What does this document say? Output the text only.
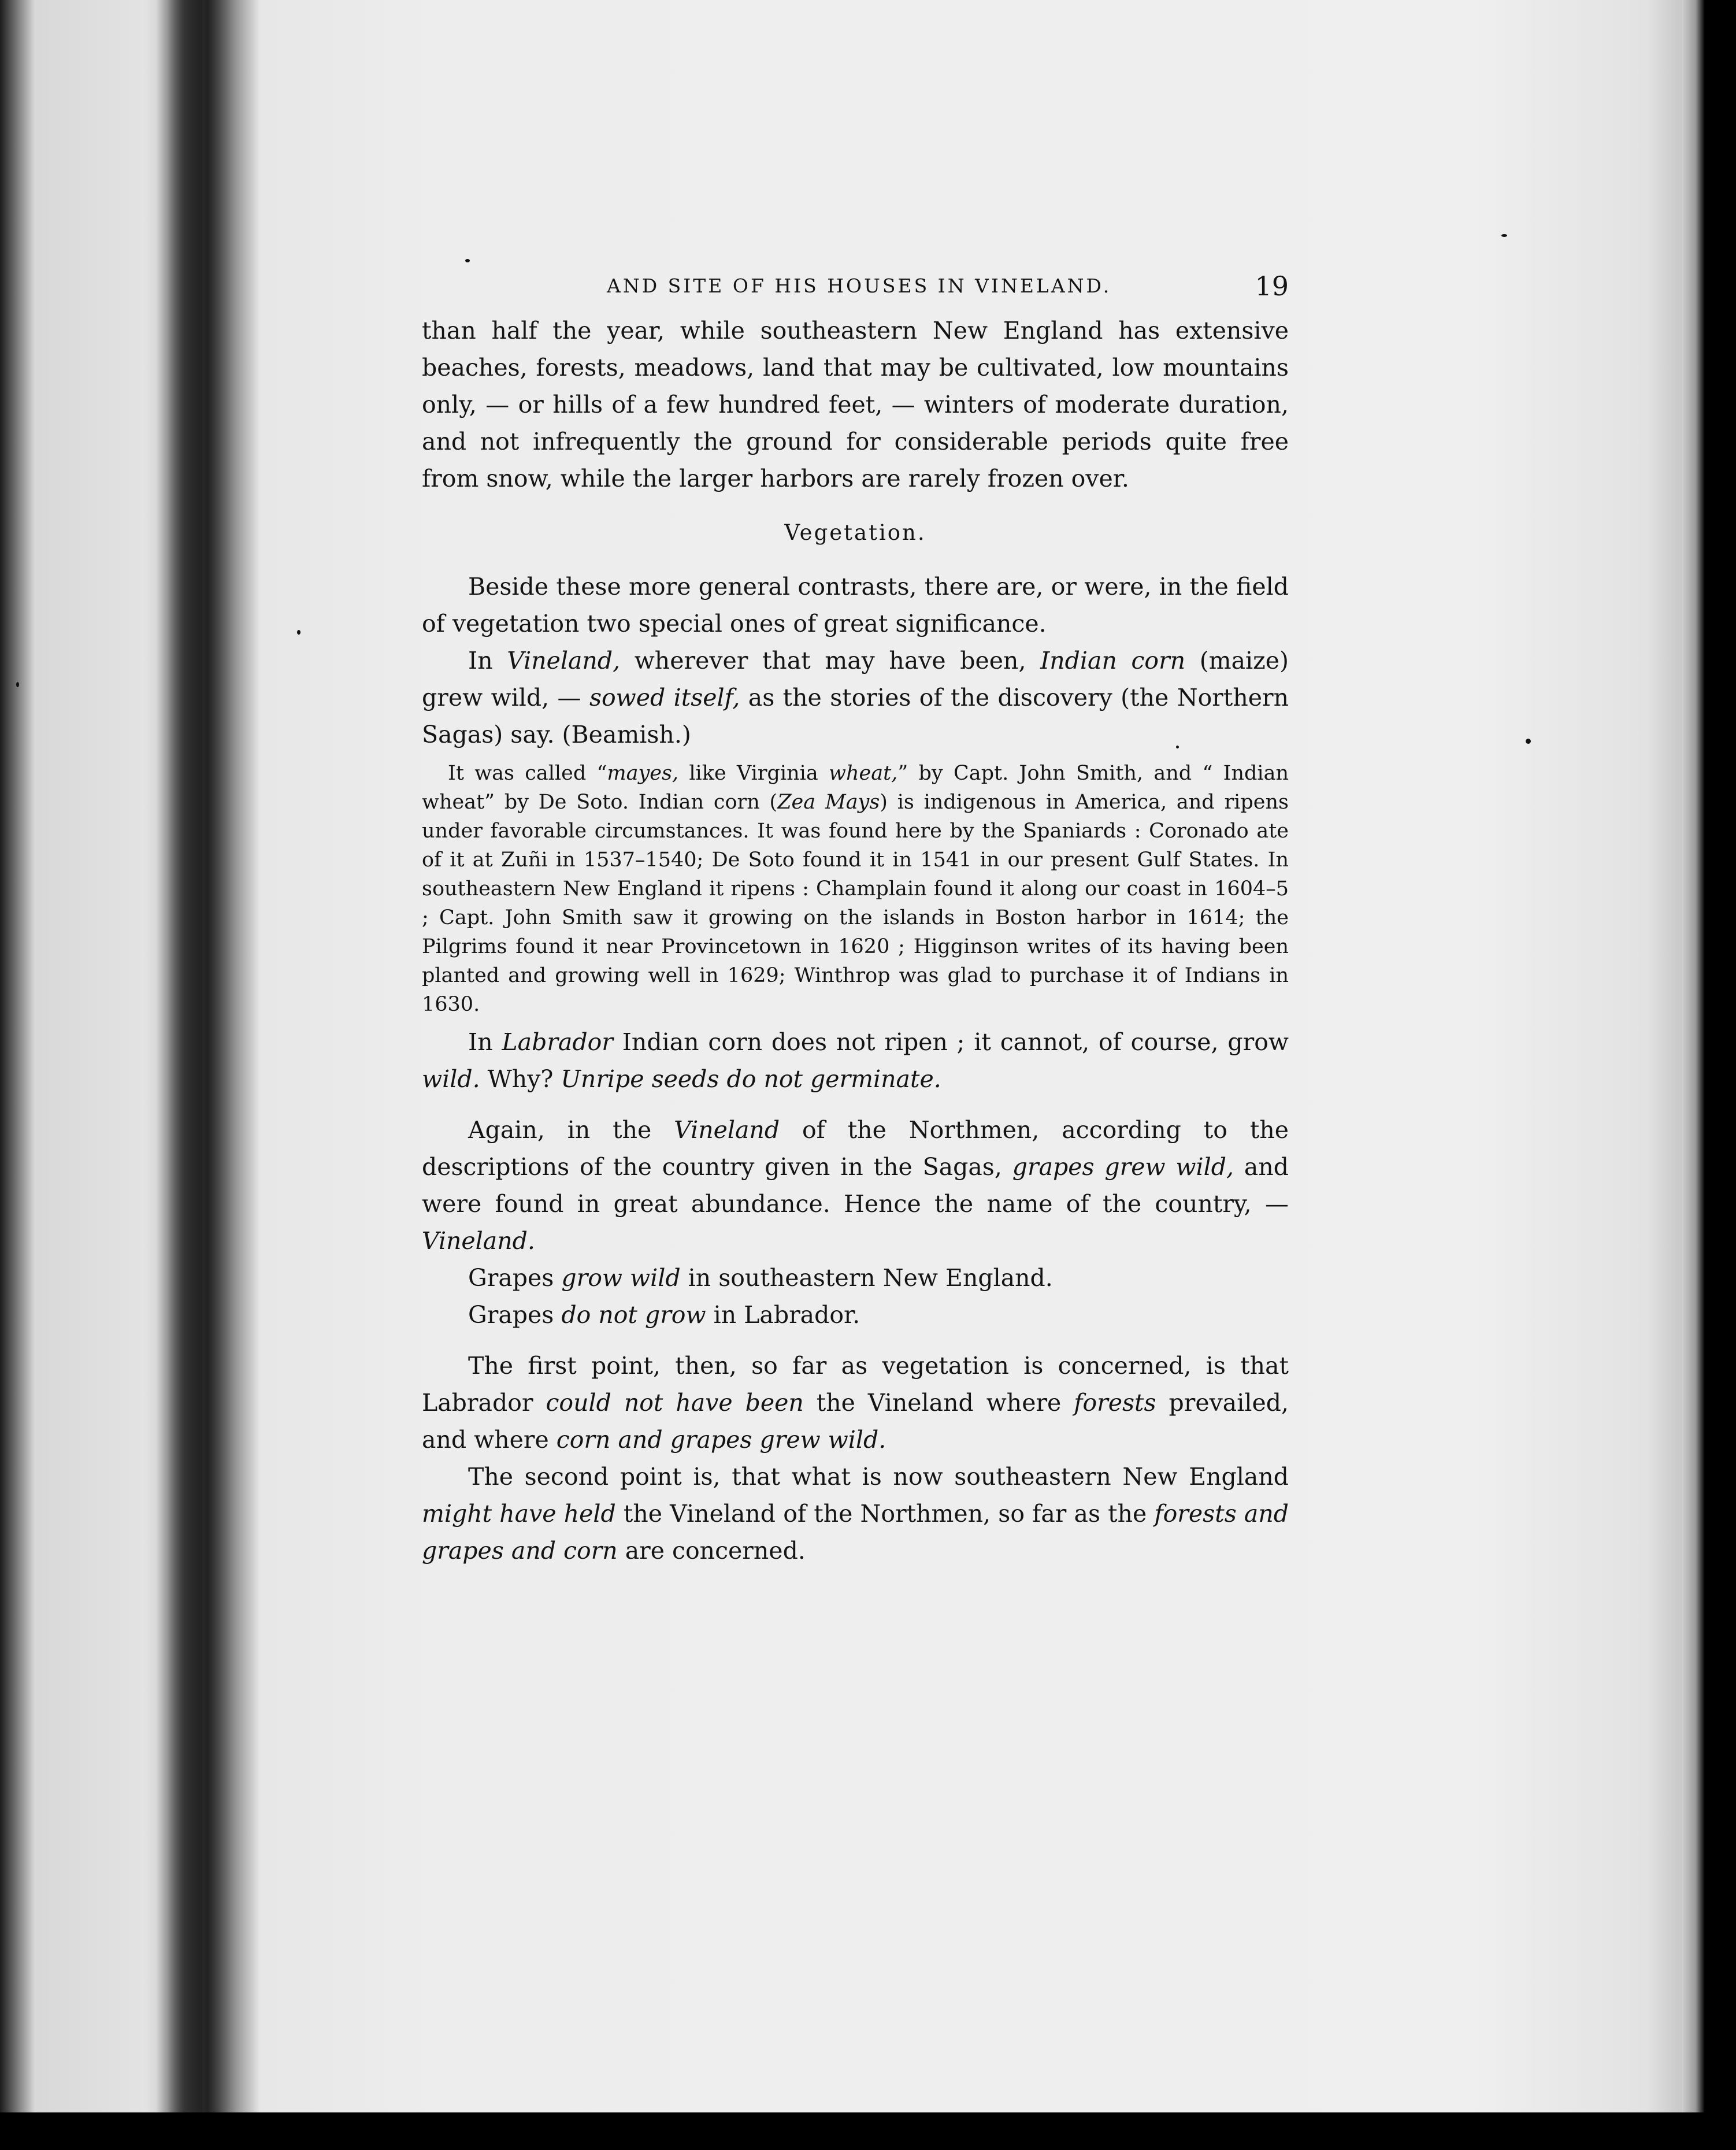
AND SITE OF HIS HOUSES IN VINELAND.	19

than half the year, while southeastern New England has extensive beaches, forests, meadows, land that may be cultivated, low mountains only, — or hills of a few hundred feet, — winters of moderate duration, and not infrequently the ground for considerable periods quite free from snow, while the larger harbors are rarely frozen over.

Vegetation.

Beside these more general contrasts, there are, or were, in the field of vegetation two special ones of great significance.

In Vineland, wherever that may have been, Indian corn (maize) grew wild, — sowed itself, as the stories of the discovery (the Northern Sagas) say. (Beamish.)

It was called “mayes, like Virginia wheat,” by Capt. John Smith, and “ Indian wheat” by De Soto. Indian corn (Zea Mays) is indigenous in America, and ripens under favorable circumstances. It was found here by the Spaniards : Coronado ate of it at Zuñi in 1537–1540; De Soto found it in 1541 in our present Gulf States. In southeastern New England it ripens : Champlain found it along our coast in 1604–5 ; Capt. John Smith saw it growing on the islands in Boston harbor in 1614; the Pilgrims found it near Provincetown in 1620 ; Higginson writes of its having been planted and growing well in 1629; Winthrop was glad to purchase it of Indians in 1630.

In Labrador Indian corn does not ripen ; it cannot, of course, grow wild. Why? Unripe seeds do not germinate.

Again, in the Vineland of the Northmen, according to the descriptions of the country given in the Sagas, grapes grew wild, and were found in great abundance. Hence the name of the country, —Vineland.

Grapes grow wild in southeastern New England.

Grapes do not grow in Labrador.

The first point, then, so far as vegetation is concerned, is that Labrador could not have been the Vineland where forests prevailed, and where corn and grapes grew wild.

The second point is, that what is now southeastern New England might have held the Vineland of the Northmen, so far as the forests and grapes and corn are concerned.
